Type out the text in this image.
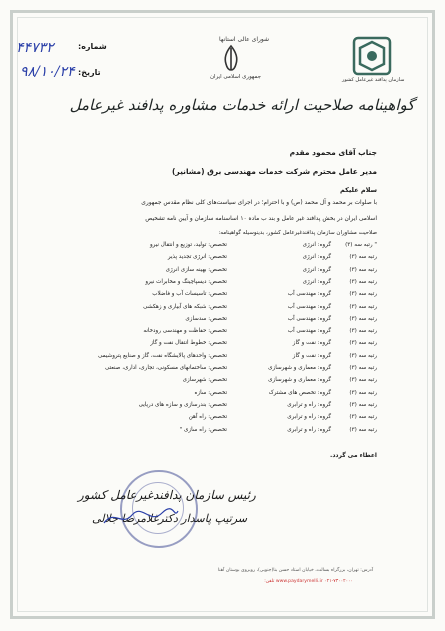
سازمان پدافند غیرعامل کشور
شوراى عالى استانها
جمهوری اسلامی ایران
۴۴۷۳۲	شماره:
۹۸/۱۰/۲۴ تاریخ:
گواهینامه صلاحیت ارائه خدمات مشاوره پدافند غیرعامل
جناب آقای محمود مقدم
مدیر عامل محترم شرکت خدمات مهندسی برق (مشانیر)
سلام علیکم
با صلوات بر محمد و آل محمد (ص) و با احترام؛ در اجرای سیاست‌های کلی نظام مقدس جمهوری
اسلامی ایران در بخش پدافند غیر عامل و بند ب ماده ۱۰ اساسنامه سازمان و آیین نامه تشخیص
صلاحیت مشاوران سازمان پدافندغیرعامل کشور، بدینوسیله گواهینامه:
" رتبه سه (۳)
گروه: انرژی
تخصص: تولید، توزیع و انتقال نیرو
رتبه سه (۳)
گروه: انرژی
تخصص: انرژی تجدید پذیر
رتبه سه (۳)
گروه: انرژی
تخصص: بهینه سازی انرژی
رتبه سه (۳)
گروه: انرژی
تخصص: دیسپاچینگ و مخابرات نیرو
رتبه سه (۳)
گروه: مهندسی آب
تخصص: تاسیسات آب و فاضلاب
رتبه سه (۳)
گروه: مهندسی آب
تخصص: شبکه های آبیاری و زهکشی
رتبه سه (۳)
گروه: مهندسی آب
تخصص: سدسازی
رتبه سه (۳)
گروه: مهندسی آب
تخصص: حفاظت و مهندسی رودخانه
رتبه سه (۳)
گروه: نفت و گاز
تخصص: خطوط انتقال نفت و گاز
رتبه سه (۳)
گروه: نفت و گاز
تخصص: واحدهای پالایشگاه نفت، گاز و صنایع پتروشیمی
رتبه سه (۳)
گروه: معماری و شهرسازی
تخصص: ساختمانهای مسکونی، تجاری، اداری، صنعتی
رتبه سه (۳)
گروه: معماری و شهرسازی
تخصص: شهرسازی
رتبه سه (۳)
گروه: تخصص های مشترک
تخصص: سازه
رتبه سه (۳)
گروه: راه و ترابری
تخصص: بندرسازی و سازه های دریایی
رتبه سه (۳)
گروه: راه و ترابری
تخصص: راه آهن
رتبه سه (۳)
گروه: راه و ترابری
تخصص: راه سازی "
اعطاء می گردد.
رئیس سازمان پدافندغیرعامل کشور
سرتیپ پاسدار دکترغلامرضا جلالی
آدرس: تهران، بزرگراه بسالت، خیابان استاد حسن بنا(جنوبی)، روبروی بوستان آهنا
www.paydarymelli.ir ۰۲۱-۷۳۰۰۲۰۰۰ تلفن:
